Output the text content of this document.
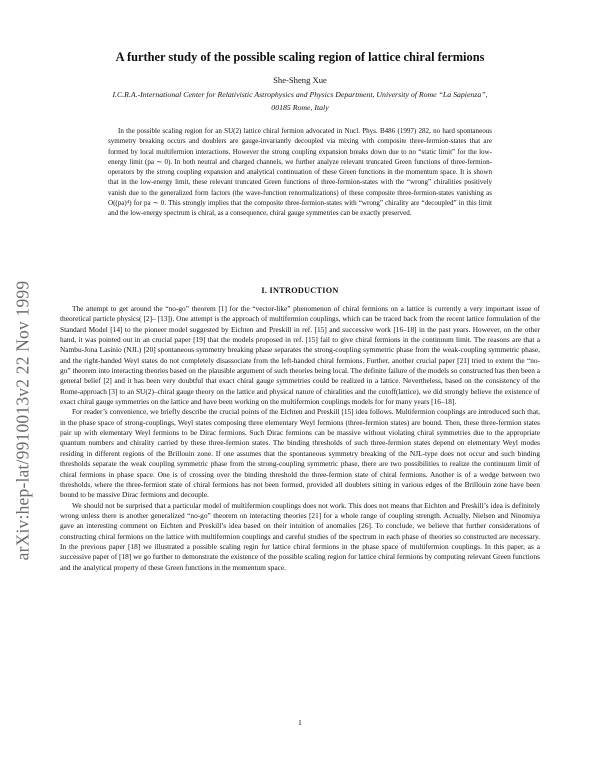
arXiv:hep-lat/9910013v2 22 Nov 1999
A further study of the possible scaling region of lattice chiral fermions
She-Sheng Xue
I.C.R.A.-International Center for Relativistic Astrophysics and Physics Department, University of Rome “La Sapienza”,
00185 Rome, Italy

In the possible scaling region for an SU(2) lattice chiral fermion advocated in Nucl. Phys. B486 (1997) 282, no hard spontaneous symmetry breaking occurs and doublers are gauge-invariantly decoupled via mixing with composite three-fermion-states that are formed by local multifermion interactions. However the strong coupling expansion breaks down due to no “static limit” for the low-energy limit (pa ∼ 0). In both neutral and charged channels, we further analyze relevant truncated Green functions of three-fermion-operators by the strong coupling expansion and analytical continuation of these Green functions in the momentum space. It is shown that in the low-energy limit, these relevant truncated Green functions of three-fermion-states with the “wrong” chiralities positively vanish due to the generalized form factors (the wave-function renormalizations) of these composite three-fermion-states vanishing as O((pa)⁴) for pa ∼ 0. This strongly implies that the composite three-fermion-states with “wrong” chirality are “decoupled” in this limit and the low-energy spectrum is chiral, as a consequence, chiral gauge symmetries can be exactly preserved.

I. INTRODUCTION

The attempt to get around the “no-go” theorem [1] for the “vector-like” phenomenon of chiral fermions on a lattice is currently a very important issue of theoretical particle physics( [2]– [13]). One attempt is the approach of multifermion couplings, which can be traced back from the recent lattice formulation of the Standard Model [14] to the pioneer model suggested by Eichten and Preskill in ref. [15] and successive work [16–18] in the past years. However, on the other hand, it was pointed out in an crucial paper [19] that the models proposed in ref. [15] fail to give chiral fermions in the continuum limit. The reasons are that a Nambu-Jona Lasinio (NJL) [20] spontaneous symmetry breaking phase separates the strong-coupling symmetric phase from the weak-coupling symmetric phase, and the right-handed Weyl states do not completely disassociate from the left-handed chiral fermions. Further, another crucial paper [21] tried to extent the “no-go” theorem into interacting theories based on the plausible argument of such theories being local. The definite failure of the models so constructed has then been a general belief [2] and it has been very doubtful that exact chiral gauge symmetries could be realized in a lattice. Nevertheless, based on the consistency of the Rome-approach [3] to an SU(2)–chiral gauge theory on the lattice and physical nature of chiralities and the cutoff(lattice), we did strongly believe the existence of exact chiral gauge symmetries on the lattice and have been working on the multifermion couplings models for for many years [16–18].

For reader’s convenience, we briefly describe the crucial points of the Eichten and Preskill [15] idea follows. Multifermion couplings are introduced such that, in the phase space of strong-couplings, Weyl states composing three elementary Weyl fermions (three-fermion states) are bound. Then, these three-fermion states pair up with elementary Weyl fermions to be Dirac fermions. Such Dirac fermions can be massive without violating chiral symmetries due to the appropriate quantum numbers and chirality carried by these three-fermion states. The binding thresholds of such three-fermion states depend on elementary Weyl modes residing in different regions of the Brillouin zone. If one assumes that the spontaneous symmetry breaking of the NJL-type does not occur and such binding thresholds separate the weak coupling symmetric phase from the strong-coupling symmetric phase, there are two possibilities to realize the continuum limit of chiral fermions in phase space. One is of crossing over the binding threshold the three-fermion state of chiral fermions. Another is of a wedge between two thresholds, where the three-fermion state of chiral fermions has not been formed, provided all doublers sitting in various edges of the Brillouin zone have been bound to be massive Dirac fermions and decouple.

We should not be surprised that a particular model of multifermion couplings does not work. This does not means that Eichten and Preskill’s idea is definitely wrong unless there is another generalized “no-go” theorem on interacting theories [21] for a whole range of coupling strength. Actually, Nielsen and Ninomiya gave an interesting comment on Eichten and Preskill’s idea based on their intuition of anomalies [26]. To conclude, we believe that further considerations of constructing chiral fermions on the lattice with multifermion couplings and careful studies of the spectrum in each phase of theories so constructed are necessary. In the previous paper [18] we illustrated a possible scaling regin for lattice chiral fermions in the phase space of multifermion couplings. In this paper, as a successive paper of [18] we go further to demonstrate the existence of the possible scaling region for lattice chiral fermions by computing relevant Green functions and the analytical property of these Green functions in the momentum space.

1
